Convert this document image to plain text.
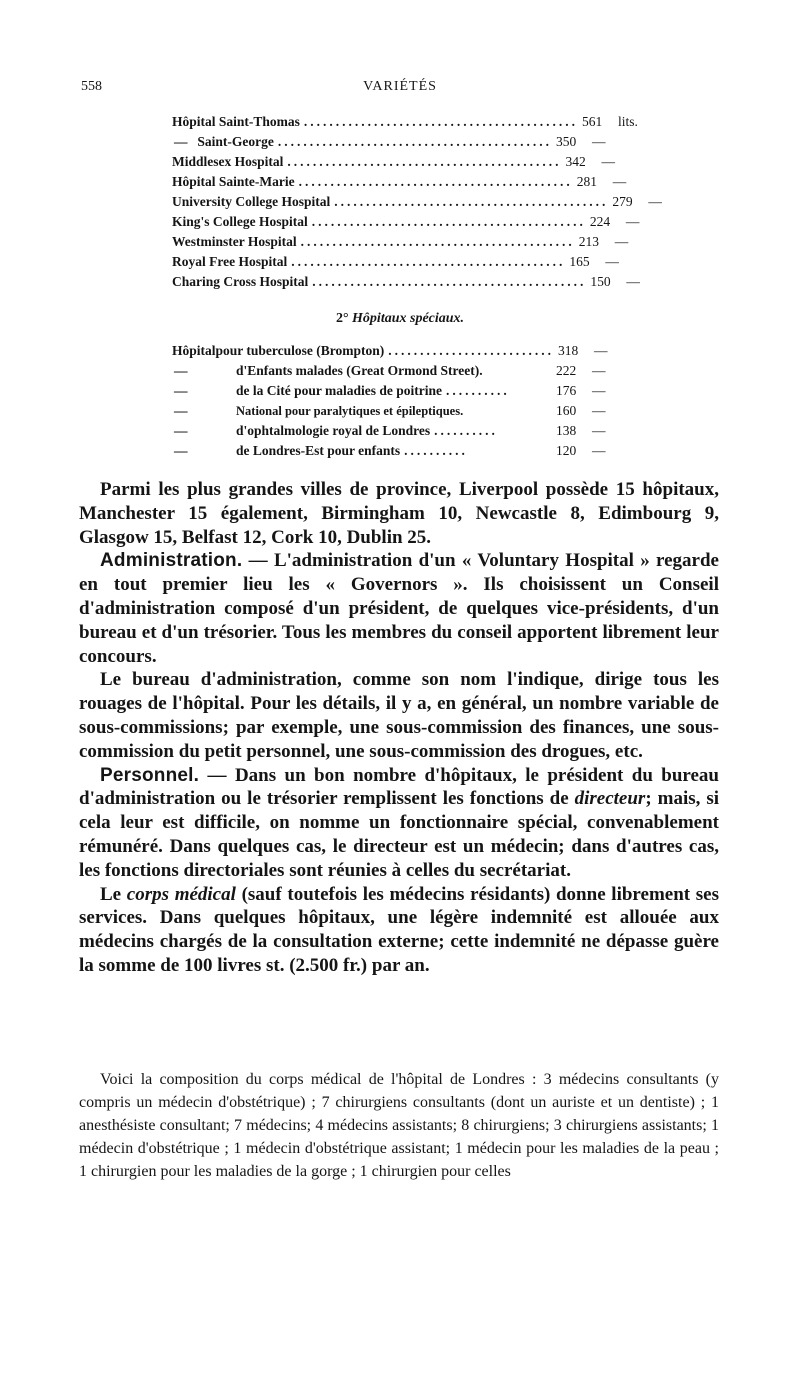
558	VARIÉTÉS
Hôpital Saint-Thomas ........................................... 561	lits.
— Saint-George ........................................... 350	—
Middlesex Hospital ........................................... 342	—
Hôpital Sainte-Marie ........................................... 281	—
University College Hospital ........................................... 279	—
King's College Hospital ........................................... 224	—
Westminster Hospital ........................................... 213	—
Royal Free Hospital ........................................... 165	—
Charing Cross Hospital ........................................... 150	—
2° Hôpitaux spéciaux.
Hôpital pour tuberculose (Brompton) .......................... 318	—
—	d'Enfants malades (Great Ormond Street).	222	—
—	de la Cité pour maladies de poitrine ..........	176	—
—	National pour paralytiques et épileptiques.	160	—
—	d'ophtalmologie royal de Londres ..........	138	—
—	de Londres-Est pour enfants ..........	120	—

Parmi les plus grandes villes de province, Liverpool possède 15 hôpitaux, Manchester 15 également, Birmingham 10, Newcastle 8, Edimbourg 9, Glasgow 15, Belfast 12, Cork 10, Dublin 25.

Administration. — L'administration d'un « Voluntary Hospital » regarde en tout premier lieu les « Governors ». Ils choisissent un Conseil d'administration composé d'un président, de quelques vice-présidents, d'un bureau et d'un trésorier. Tous les membres du conseil apportent librement leur concours.

Le bureau d'administration, comme son nom l'indique, dirige tous les rouages de l'hôpital. Pour les détails, il y a, en général, un nombre variable de sous-commissions; par exemple, une sous-commission des finances, une sous-commission du petit personnel, une sous-commission des drogues, etc.

Personnel. — Dans un bon nombre d'hôpitaux, le président du bureau d'administration ou le trésorier remplissent les fonctions de directeur; mais, si cela leur est difficile, on nomme un fonctionnaire spécial, convenablement rémunéré. Dans quelques cas, le directeur est un médecin; dans d'autres cas, les fonctions directoriales sont réunies à celles du secrétariat.

Le corps médical (sauf toutefois les médecins résidants) donne librement ses services. Dans quelques hôpitaux, une légère indemnité est allouée aux médecins chargés de la consultation externe; cette indemnité ne dépasse guère la somme de 100 livres st. (2.500 fr.) par an.

Voici la composition du corps médical de l'hôpital de Londres : 3 médecins consultants (y compris un médecin d'obstétrique) ; 7 chirurgiens consultants (dont un auriste et un dentiste) ; 1 anesthésiste consultant; 7 médecins; 4 médecins assistants; 8 chirurgiens; 3 chirurgiens assistants; 1 médecin d'obstétrique ; 1 médecin d'obstétrique assistant; 1 médecin pour les maladies de la peau ; 1 chirurgien pour les maladies de la gorge ; 1 chirurgien pour celles
